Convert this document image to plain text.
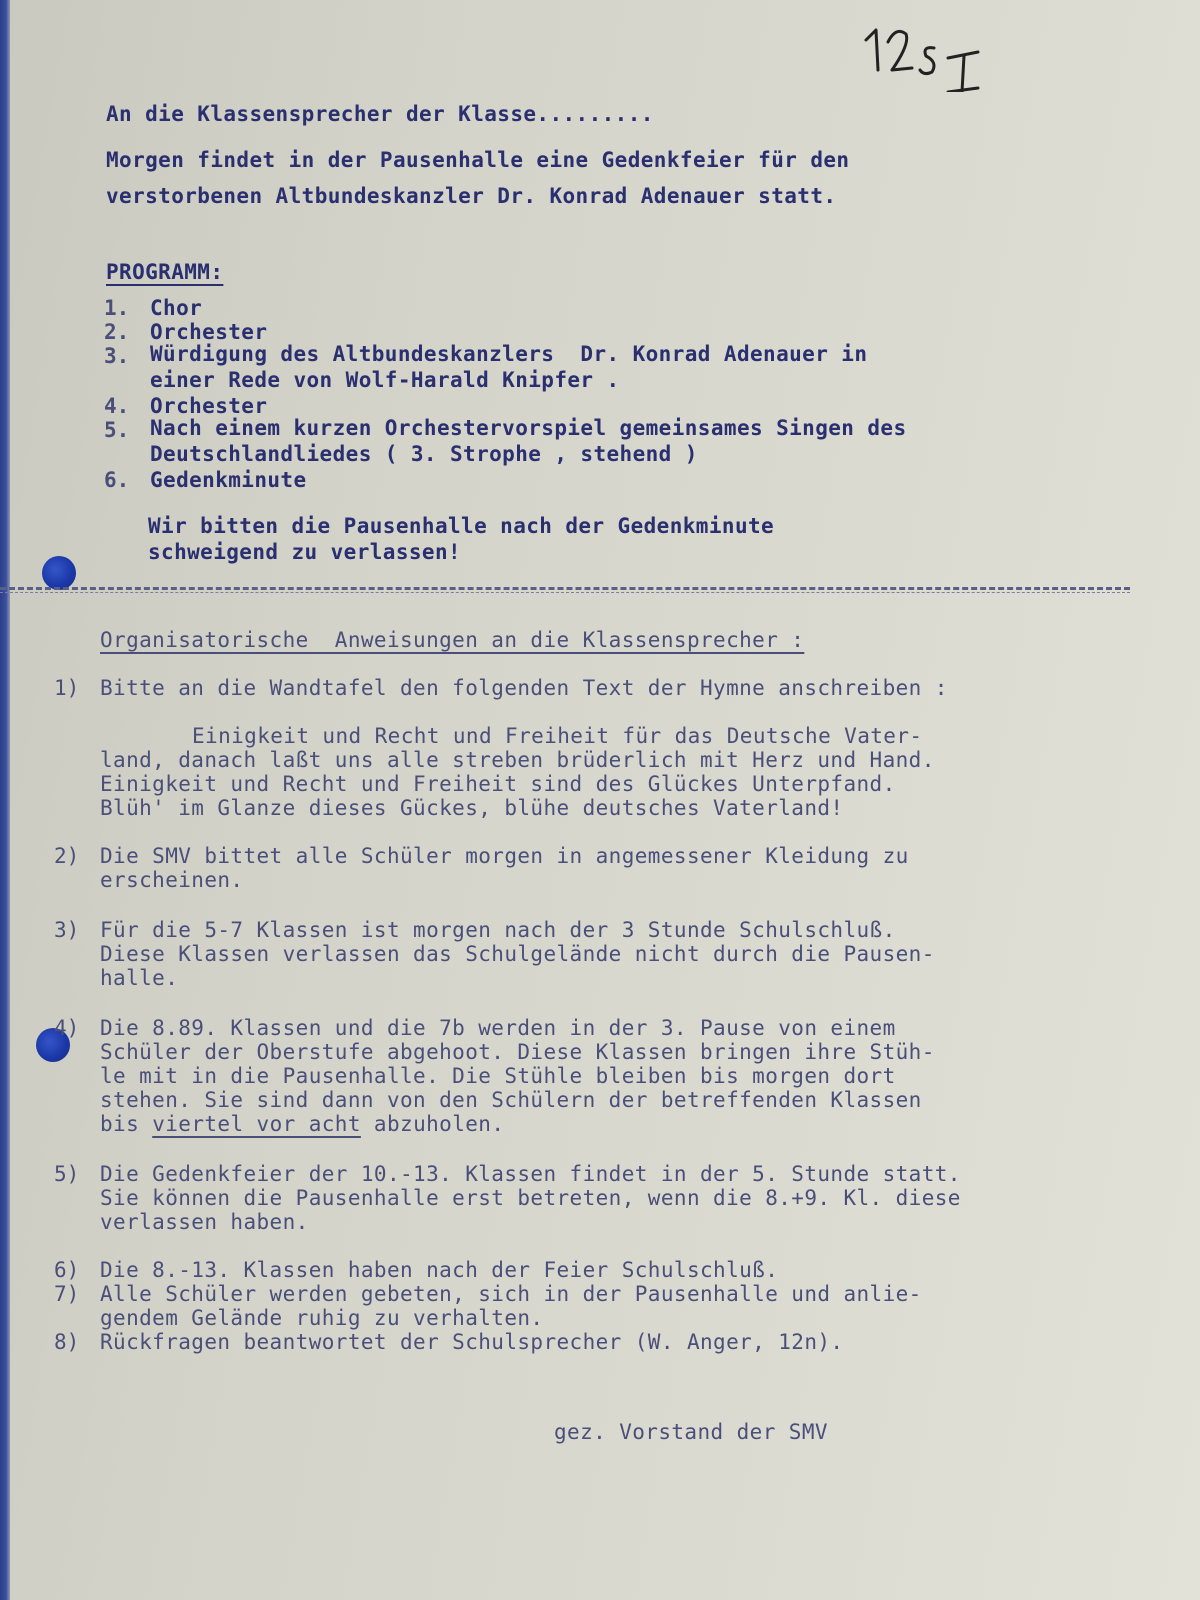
An die Klassensprecher der Klasse.........
Morgen findet in der Pausenhalle eine Gedenkfeier für den
verstorbenen Altbundeskanzler Dr. Konrad Adenauer statt.
PROGRAMM:
1. Chor
2. Orchester
3. Würdigung des Altbundeskanzlers  Dr. Konrad Adenauer in
einer Rede von Wolf-Harald Knipfer .
4. Orchester
5. Nach einem kurzen Orchestervorspiel gemeinsames Singen des
Deutschlandliedes ( 3. Strophe , stehend )
6. Gedenkminute
Wir bitten die Pausenhalle nach der Gedenkminute
schweigend zu verlassen!
Organisatorische  Anweisungen an die Klassensprecher :
1) Bitte an die Wandtafel den folgenden Text der Hymne anschreiben :
Einigkeit und Recht und Freiheit für das Deutsche Vater-
land, danach laßt uns alle streben brüderlich mit Herz und Hand.
Einigkeit und Recht und Freiheit sind des Glückes Unterpfand.
Blüh' im Glanze dieses Gückes, blühe deutsches Vaterland!
2) Die SMV bittet alle Schüler morgen in angemessener Kleidung zu
erscheinen.
3) Für die 5-7 Klassen ist morgen nach der 3 Stunde Schulschluß.
Diese Klassen verlassen das Schulgelände nicht durch die Pausen-
halle.
4) Die 8.89. Klassen und die 7b werden in der 3. Pause von einem
Schüler der Oberstufe abgehoot. Diese Klassen bringen ihre Stüh-
le mit in die Pausenhalle. Die Stühle bleiben bis morgen dort
stehen. Sie sind dann von den Schülern der betreffenden Klassen
bis viertel vor acht abzuholen.
5) Die Gedenkfeier der 10.-13. Klassen findet in der 5. Stunde statt.
Sie können die Pausenhalle erst betreten, wenn die 8.+9. Kl. diese
verlassen haben.
6) Die 8.-13. Klassen haben nach der Feier Schulschluß.
7) Alle Schüler werden gebeten, sich in der Pausenhalle und anlie-
gendem Gelände ruhig zu verhalten.
8) Rückfragen beantwortet der Schulsprecher (W. Anger, 12n).
gez. Vorstand der SMV
